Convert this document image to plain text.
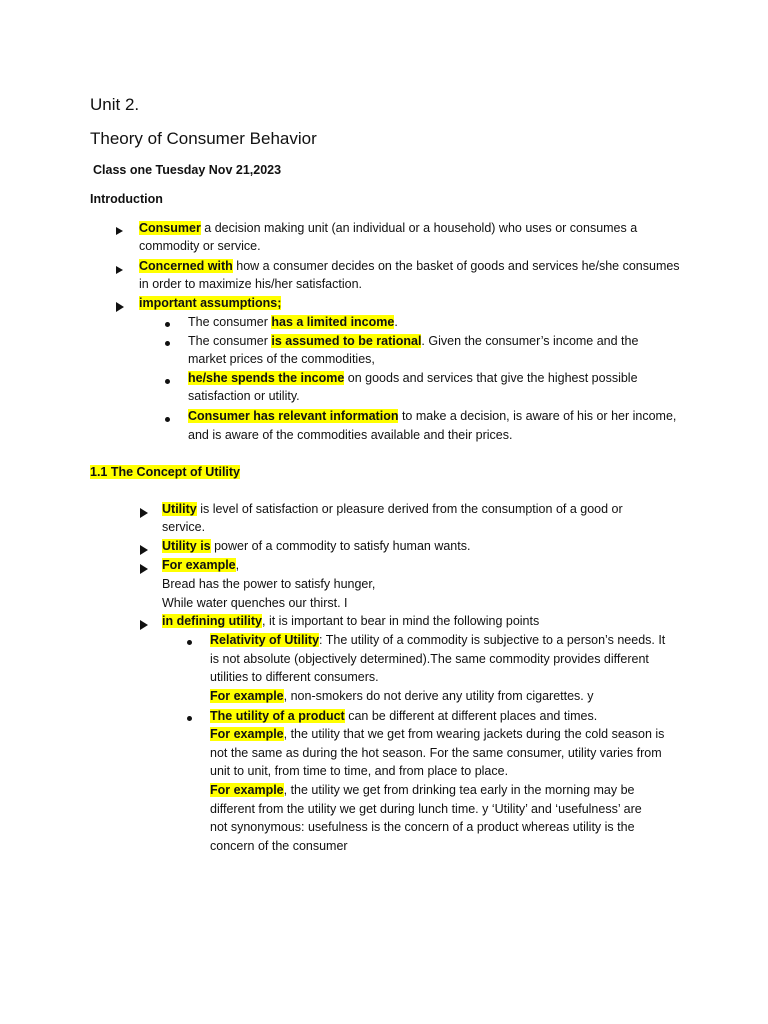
Unit 2.
Theory of Consumer Behavior
Class one Tuesday Nov 21,2023
Introduction
Consumer a decision making unit (an individual or a household) who uses or consumes a
commodity or service.
Concerned with how a consumer decides on the basket of goods and services he/she consumes
in order to maximize his/her satisfaction.
important assumptions;
The consumer has a limited income.
The consumer is assumed to be rational. Given the consumer’s income and the
market prices of the commodities,
he/she spends the income on goods and services that give the highest possible
satisfaction or utility.
Consumer has relevant information to make a decision, is aware of his or her income,
and is aware of the commodities available and their prices.
1.1 The Concept of Utility
Utility is level of satisfaction or pleasure derived from the consumption of a good or
service.
Utility is power of a commodity to satisfy human wants.
For example,
Bread has the power to satisfy hunger,
While water quenches our thirst. I
in defining utility, it is important to bear in mind the following points
Relativity of Utility: The utility of a commodity is subjective to a person’s needs. It
is not absolute (objectively determined).The same commodity provides different
utilities to different consumers.
For example, non-smokers do not derive any utility from cigarettes. y
The utility of a product can be different at different places and times.
For example, the utility that we get from wearing jackets during the cold season is
not the same as during the hot season. For the same consumer, utility varies from
unit to unit, from time to time, and from place to place.
For example, the utility we get from drinking tea early in the morning may be
different from the utility we get during lunch time. y ‘Utility’ and ‘usefulness’ are
not synonymous: usefulness is the concern of a product whereas utility is the
concern of the consumer
